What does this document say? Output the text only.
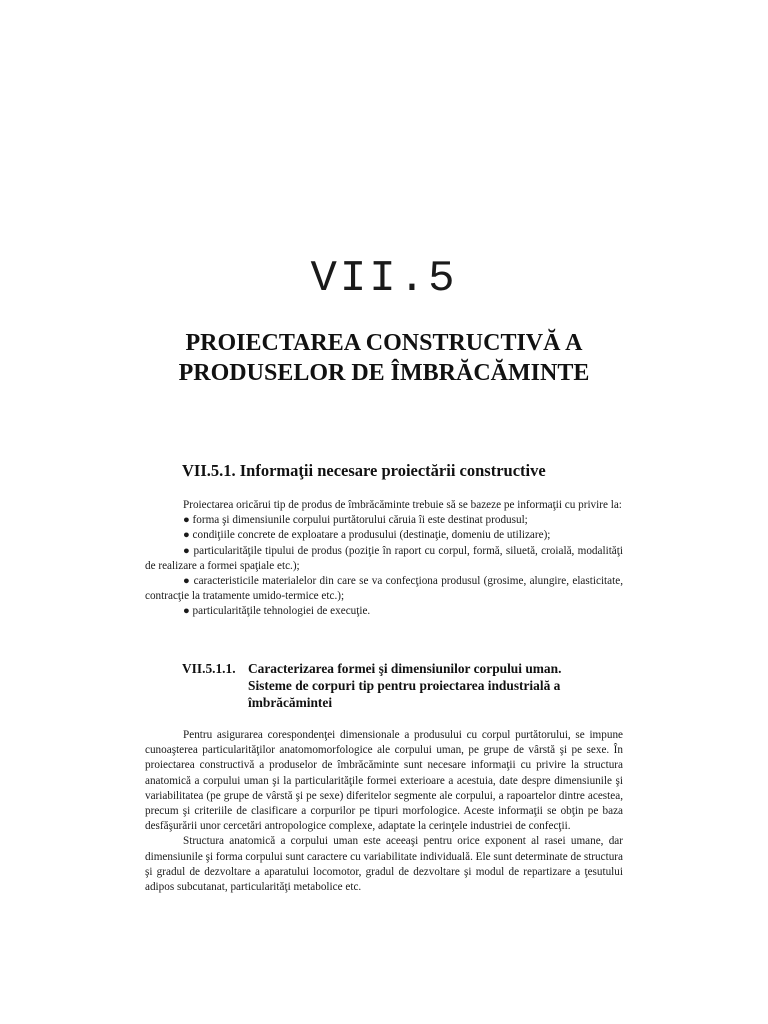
VII.5
PROIECTAREA CONSTRUCTIVĂ A
PRODUSELOR DE ÎMBRĂCĂMINTE
VII.5.1. Informaţii necesare proiectării constructive
Proiectarea oricărui tip de produs de îmbrăcăminte trebuie să se bazeze pe informaţii cu privire la:
● forma şi dimensiunile corpului purtătorului căruia îi este destinat produsul;
● condiţiile concrete de exploatare a produsului (destinaţie, domeniu de utilizare);
● particularităţile tipului de produs (poziţie în raport cu corpul, formă, siluetă, croială, modalităţi de realizare a formei spaţiale etc.);
● caracteristicile materialelor din care se va confecţiona produsul (grosime, alungire, elasticitate, contracţie la tratamente umido-termice etc.);
● particularităţile tehnologiei de execuţie.
VII.5.1.1. Caracterizarea formei şi dimensiunilor corpului uman.
Sisteme de corpuri tip pentru proiectarea industrială a
îmbrăcămintei
Pentru asigurarea corespondenţei dimensionale a produsului cu corpul purtătorului, se impune cunoaşterea particularităţilor anatomomorfologice ale corpului uman, pe grupe de vârstă şi pe sexe. În proiectarea constructivă a produselor de îmbrăcăminte sunt necesare informaţii cu privire la structura anatomică a corpului uman şi la particularităţile formei exterioare a acestuia, date despre dimensiunile şi variabilitatea (pe grupe de vârstă şi pe sexe) diferitelor segmente ale corpului, a rapoartelor dintre acestea, precum şi criteriile de clasificare a corpurilor pe tipuri morfologice. Aceste informaţii se obţin pe baza desfăşurării unor cercetări antropologice complexe, adaptate la cerinţele industriei de confecţii.
Structura anatomică a corpului uman este aceeaşi pentru orice exponent al rasei umane, dar dimensiunile şi forma corpului sunt caractere cu variabilitate individuală. Ele sunt determinate de structura şi gradul de dezvoltare a aparatului locomotor, gradul de dezvoltare şi modul de repartizare a ţesutului adipos subcutanat, particularităţi metabolice etc.
